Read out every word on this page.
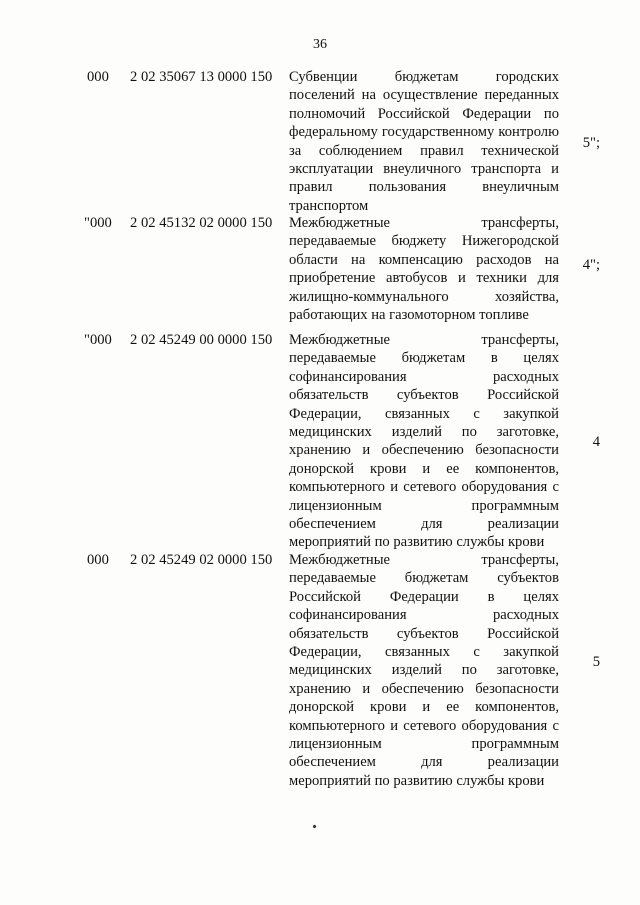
36
000 2 02 35067 13 0000 150 Субвенции бюджетам городских поселений на осуществление переданных полномочий Российской Федерации по федеральному государственному контролю за соблюдением правил технической эксплуатации внеуличного транспорта и правил пользования внеуличным транспортом
5";
"000 2 02 45132 02 0000 150 Межбюджетные трансферты, передаваемые бюджету Нижегородской области на компенсацию расходов на приобретение автобусов и техники для жилищно-коммунального хозяйства, работающих на газомоторном топливе
4";
"000 2 02 45249 00 0000 150 Межбюджетные трансферты, передаваемые бюджетам в целях софинансирования расходных обязательств субъектов Российской Федерации, связанных с закупкой медицинских изделий по заготовке, хранению и обеспечению безопасности донорской крови и ее компонентов, компьютерного и сетевого оборудования с лицензионным программным обеспечением для реализации мероприятий по развитию службы крови
4
000 2 02 45249 02 0000 150 Межбюджетные трансферты, передаваемые бюджетам субъектов Российской Федерации в целях софинансирования расходных обязательств субъектов Российской Федерации, связанных с закупкой медицинских изделий по заготовке, хранению и обеспечению безопасности донорской крови и ее компонентов, компьютерного и сетевого оборудования с лицензионным программным обеспечением для реализации мероприятий по развитию службы крови
5
